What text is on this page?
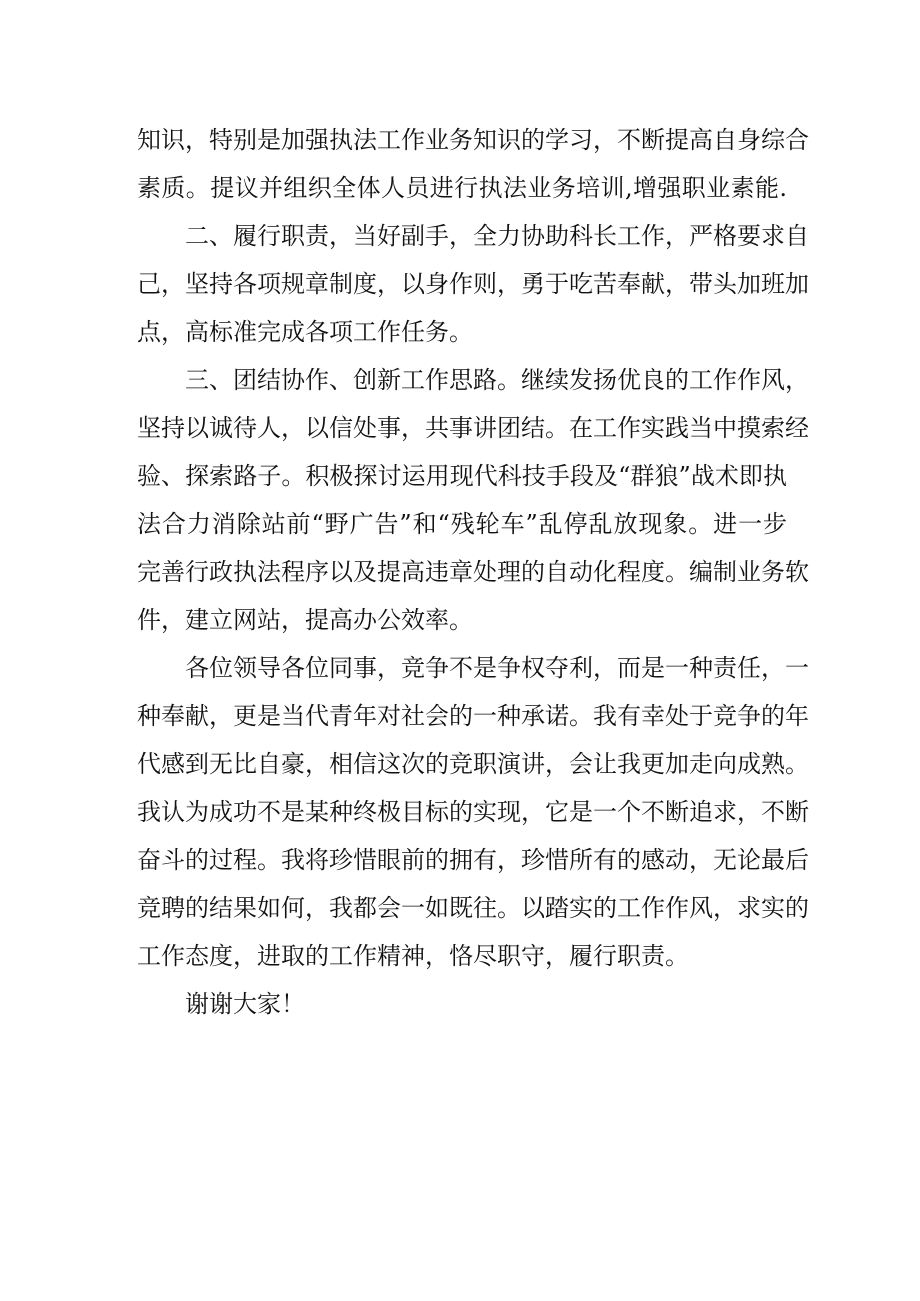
知识，特别是加强执法工作业务知识的学习，不断提高自身综合
素质。提议并组织全体人员进行执法业务培训,增强职业素能.
二、履行职责，当好副手，全力协助科长工作，严格要求自
己，坚持各项规章制度，以身作则，勇于吃苦奉献，带头加班加
点，高标准完成各项工作任务。
三、团结协作、创新工作思路。继续发扬优良的工作作风，
坚持以诚待人，以信处事，共事讲团结。在工作实践当中摸索经
验、探索路子。积极探讨运用现代科技手段及“群狼”战术即执
法合力消除站前“野广告”和“残轮车”乱停乱放现象。进一步
完善行政执法程序以及提高违章处理的自动化程度。编制业务软
件，建立网站，提高办公效率。
各位领导各位同事，竞争不是争权夺利，而是一种责任，一
种奉献，更是当代青年对社会的一种承诺。我有幸处于竞争的年
代感到无比自豪，相信这次的竞职演讲，会让我更加走向成熟。
我认为成功不是某种终极目标的实现，它是一个不断追求，不断
奋斗的过程。我将珍惜眼前的拥有，珍惜所有的感动，无论最后
竞聘的结果如何，我都会一如既往。以踏实的工作作风，求实的
工作态度，进取的工作精神，恪尽职守，履行职责。
谢谢大家！
